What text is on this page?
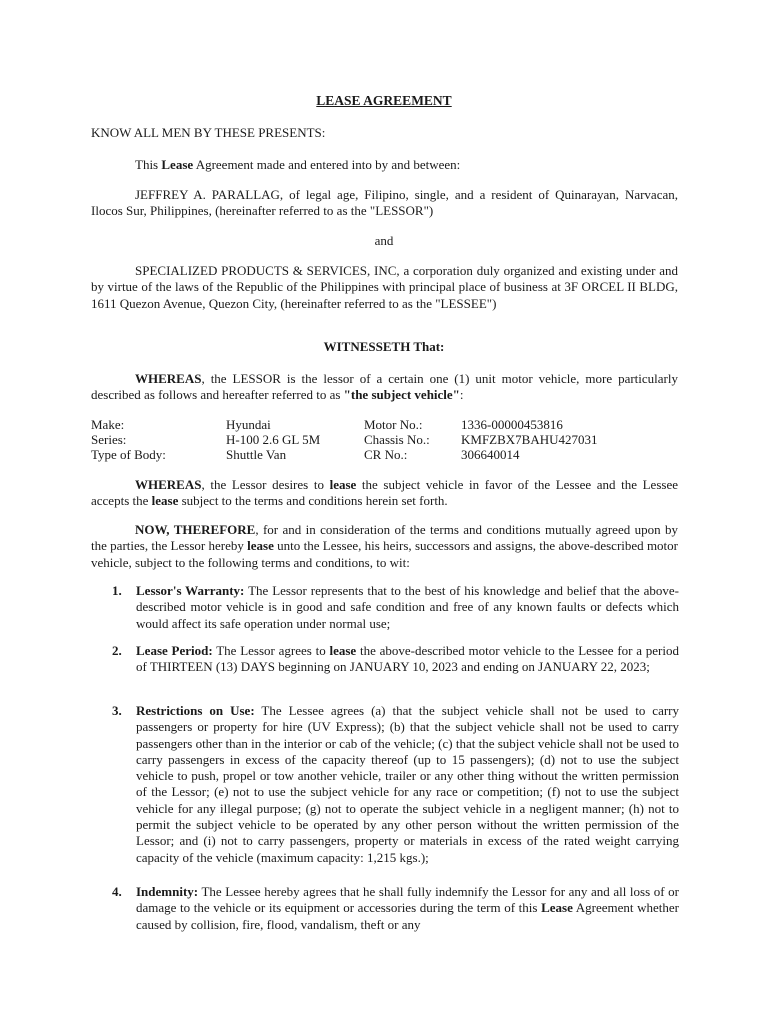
LEASE AGREEMENT
KNOW ALL MEN BY THESE PRESENTS:
This Lease Agreement made and entered into by and between:
JEFFREY A. PARALLAG, of legal age, Filipino, single, and a resident of Quinarayan, Narvacan, Ilocos Sur, Philippines, (hereinafter referred to as the "LESSOR")
and
SPECIALIZED PRODUCTS & SERVICES, INC, a corporation duly organized and existing under and by virtue of the laws of the Republic of the Philippines with principal place of business at 3F ORCEL II BLDG, 1611 Quezon Avenue, Quezon City, (hereinafter referred to as the "LESSEE")
WITNESSETH That:
WHEREAS, the LESSOR is the lessor of a certain one (1) unit motor vehicle, more particularly described as follows and hereafter referred to as "the subject vehicle":
Make:	Hyundai	Motor No.:	1336-00000453816
Series:	H-100 2.6 GL 5M	Chassis No.:	KMFZBX7BAHU427031
Type of Body:	Shuttle Van	CR No.:	306640014
WHEREAS, the Lessor desires to lease the subject vehicle in favor of the Lessee and the Lessee accepts the lease subject to the terms and conditions herein set forth.
NOW, THEREFORE, for and in consideration of the terms and conditions mutually agreed upon by the parties, the Lessor hereby lease unto the Lessee, his heirs, successors and assigns, the above-described motor vehicle, subject to the following terms and conditions, to wit:
1. Lessor's Warranty: The Lessor represents that to the best of his knowledge and belief that the above-described motor vehicle is in good and safe condition and free of any known faults or defects which would affect its safe operation under normal use;
2. Lease Period: The Lessor agrees to lease the above-described motor vehicle to the Lessee for a period of THIRTEEN (13) DAYS beginning on JANUARY 10, 2023 and ending on JANUARY 22, 2023;
3. Restrictions on Use: The Lessee agrees (a) that the subject vehicle shall not be used to carry passengers or property for hire (UV Express); (b) that the subject vehicle shall not be used to carry passengers other than in the interior or cab of the vehicle; (c) that the subject vehicle shall not be used to carry passengers in excess of the capacity thereof (up to 15 passengers); (d) not to use the subject vehicle to push, propel or tow another vehicle, trailer or any other thing without the written permission of the Lessor; (e) not to use the subject vehicle for any race or competition; (f) not to use the subject vehicle for any illegal purpose; (g) not to operate the subject vehicle in a negligent manner; (h) not to permit the subject vehicle to be operated by any other person without the written permission of the Lessor; and (i) not to carry passengers, property or materials in excess of the rated weight carrying capacity of the vehicle (maximum capacity: 1,215 kgs.);
4. Indemnity: The Lessee hereby agrees that he shall fully indemnify the Lessor for any and all loss of or damage to the vehicle or its equipment or accessories during the term of this Lease Agreement whether caused by collision, fire, flood, vandalism, theft or any
